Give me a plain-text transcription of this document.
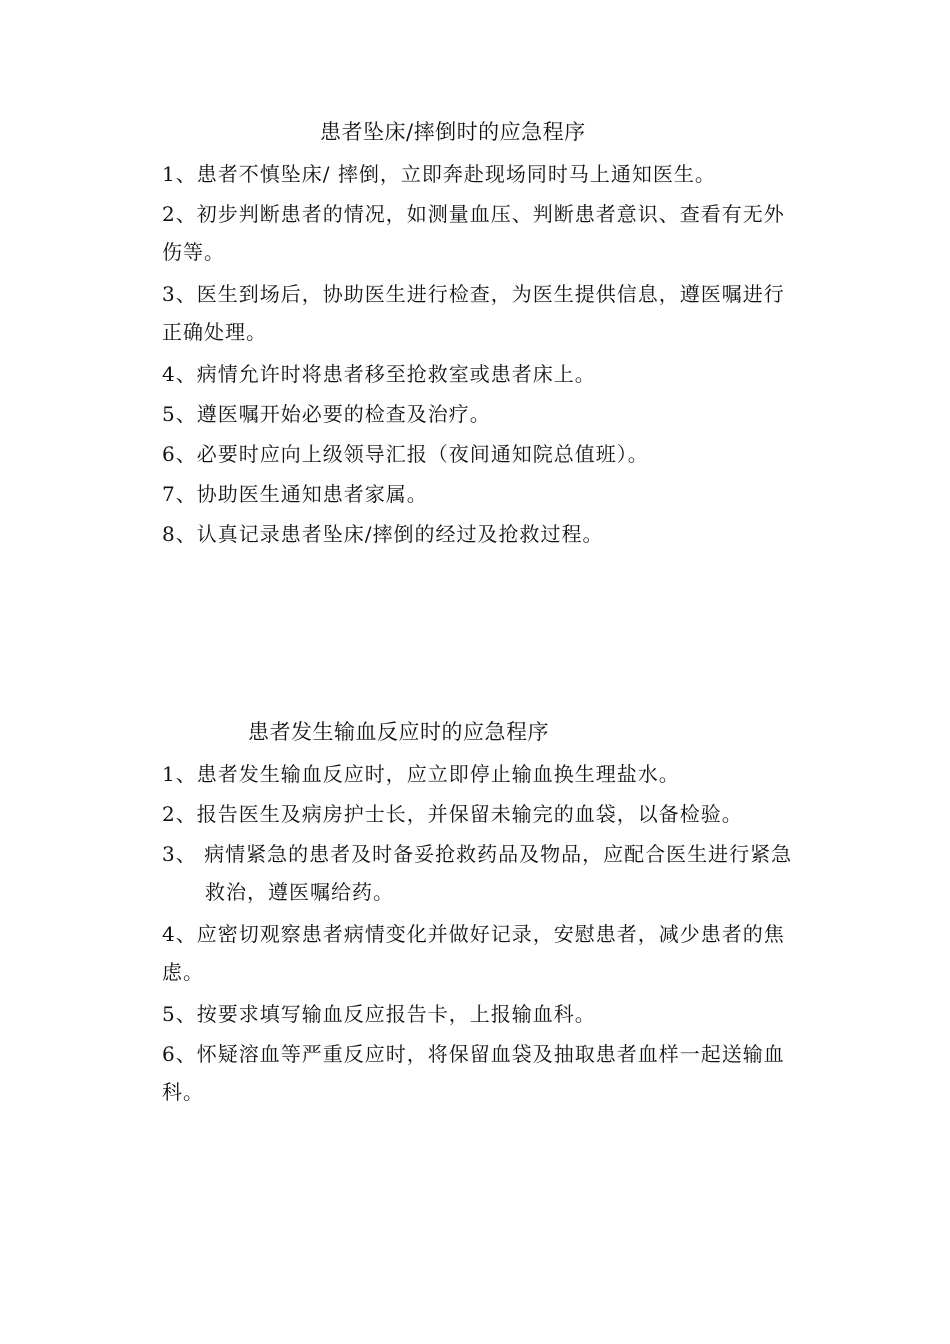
患者坠床/摔倒时的应急程序
1、患者不慎坠床/ 摔倒，立即奔赴现场同时马上通知医生。
2、初步判断患者的情况，如测量血压、判断患者意识、查看有无外
伤等。
3、医生到场后，协助医生进行检查，为医生提供信息，遵医嘱进行
正确处理。
4、病情允许时将患者移至抢救室或患者床上。
5、遵医嘱开始必要的检查及治疗。
6、必要时应向上级领导汇报（夜间通知院总值班）。
7、协助医生通知患者家属。
8、认真记录患者坠床/摔倒的经过及抢救过程。
患者发生输血反应时的应急程序
1、患者发生输血反应时，应立即停止输血换生理盐水。
2、报告医生及病房护士长，并保留未输完的血袋，以备检验。
3、 病情紧急的患者及时备妥抢救药品及物品，应配合医生进行紧急
救治，遵医嘱给药。
4、应密切观察患者病情变化并做好记录，安慰患者，减少患者的焦
虑。
5、按要求填写输血反应报告卡，上报输血科。
6、怀疑溶血等严重反应时，将保留血袋及抽取患者血样一起送输血
科。
